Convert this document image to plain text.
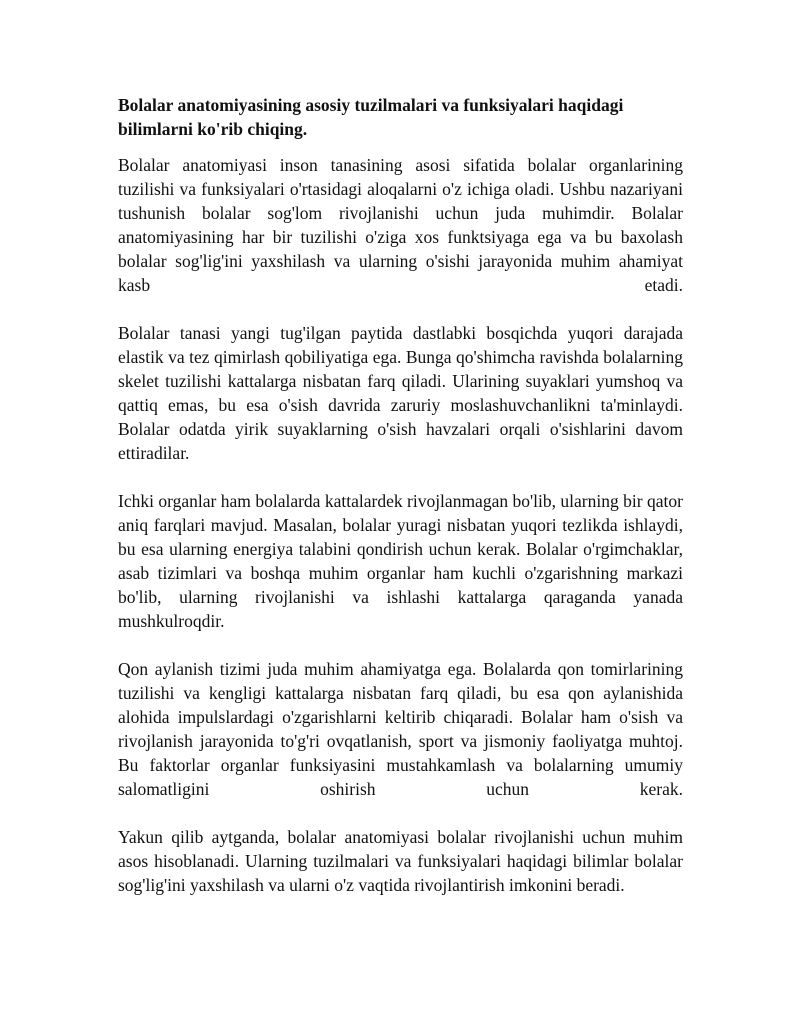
Bolalar anatomiyasining asosiy tuzilmalari va funksiyalari haqidagi bilimlarni ko'rib chiqing.

Bolalar anatomiyasi inson tanasining asosi sifatida bolalar organlarining tuzilishi va funksiyalari o'rtasidagi aloqalarni o'z ichiga oladi. Ushbu nazariyani tushunish bolalar sog'lom rivojlanishi uchun juda muhimdir. Bolalar anatomiyasining har bir tuzilishi o'ziga xos funktsiyaga ega va bu baxolash bolalar sog'lig'ini yaxshilash va ularning o'sishi jarayonida muhim ahamiyat kasb etadi.

Bolalar tanasi yangi tug'ilgan paytida dastlabki bosqichda yuqori darajada elastik va tez qimirlash qobiliyatiga ega. Bunga qo'shimcha ravishda bolalarning skelet tuzilishi kattalarga nisbatan farq qiladi. Ularining suyaklari yumshoq va qattiq emas, bu esa o'sish davrida zaruriy moslashuvchanlikni ta'minlaydi. Bolalar odatda yirik suyaklarning o'sish havzalari orqali o'sishlarini davom ettiradilar.

Ichki organlar ham bolalarda kattalardek rivojlanmagan bo'lib, ularning bir qator aniq farqlari mavjud. Masalan, bolalar yuragi nisbatan yuqori tezlikda ishlaydi, bu esa ularning energiya talabini qondirish uchun kerak. Bolalar o'rgimchaklar, asab tizimlari va boshqa muhim organlar ham kuchli o'zgarishning markazi bo'lib, ularning rivojlanishi va ishlashi kattalarga qaraganda yanada mushkulroqdir.

Qon aylanish tizimi juda muhim ahamiyatga ega. Bolalarda qon tomirlarining tuzilishi va kengligi kattalarga nisbatan farq qiladi, bu esa qon aylanishida alohida impulslardagi o'zgarishlarni keltirib chiqaradi. Bolalar ham o'sish va rivojlanish jarayonida to'g'ri ovqatlanish, sport va jismoniy faoliyatga muhtoj. Bu faktorlar organlar funksiyasini mustahkamlash va bolalarning umumiy salomatligini oshirish uchun kerak.

Yakun qilib aytganda, bolalar anatomiyasi bolalar rivojlanishi uchun muhim asos hisoblanadi. Ularning tuzilmalari va funksiyalari haqidagi bilimlar bolalar sog'lig'ini yaxshilash va ularni o'z vaqtida rivojlantirish imkonini beradi.
